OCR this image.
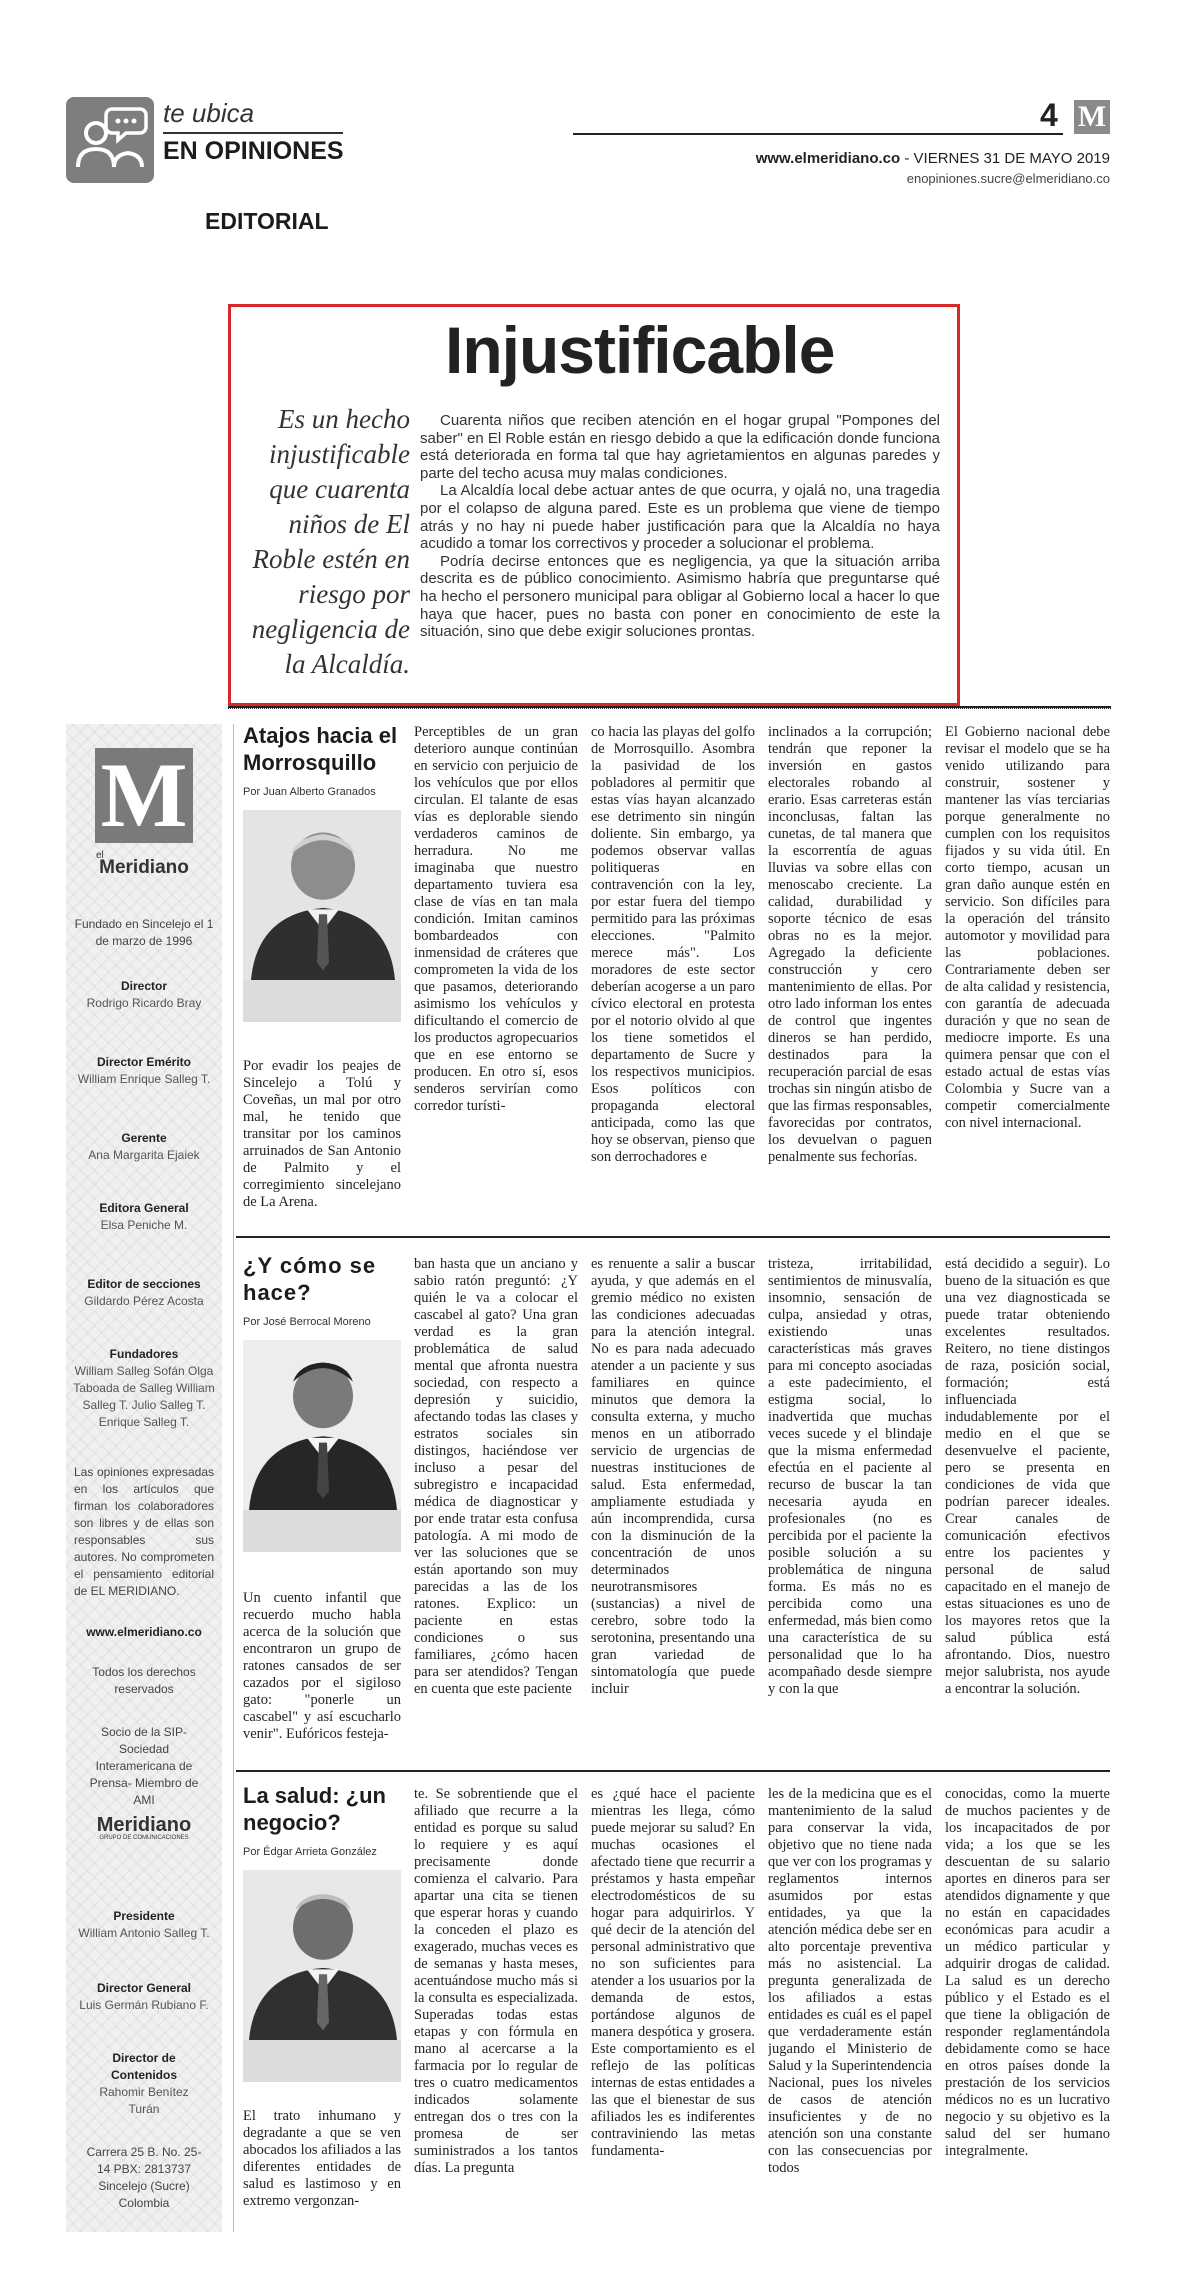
te ubica
EN OPINIONES
EDITORIAL
4 M
www.elmeridiano.co - VIERNES 31 DE MAYO 2019
enopiniones.sucre@elmeridiano.co
Injustificable
Es un hecho injustificable que cuarenta niños de El Roble estén en riesgo por negligencia de la Alcaldía.

Cuarenta niños que reciben atención en el hogar grupal "Pompones del saber" en El Roble están en riesgo debido a que la edificación donde funciona está deteriorada en forma tal que hay agrietamientos en algunas paredes y parte del techo acusa muy malas condiciones.

La Alcaldía local debe actuar antes de que ocurra, y ojalá no, una tragedia por el colapso de alguna pared. Este es un problema que viene de tiempo atrás y no hay ni puede haber justificación para que la Alcaldía no haya acudido a tomar los correctivos y proceder a solucionar el problema.

Podría decirse entonces que es negligencia, ya que la situación arriba descrita es de público conocimiento. Asimismo habría que preguntarse qué ha hecho el personero municipal para obligar al Gobierno local a hacer lo que haya que hacer, pues no basta con poner en conocimiento de este la situación, sino que debe exigir soluciones prontas.

M
el
Meridiano
Fundado en Sincelejo el 1 de marzo de 1996
Director
Rodrigo Ricardo Bray
Director Emérito
William Enrique Salleg T.
Gerente
Ana Margarita Ejaiek
Editora General
Elsa Peniche M.
Editor de secciones
Gildardo Pérez Acosta
Fundadores
William Salleg Sofán Olga Taboada de Salleg William Salleg T. Julio Salleg T. Enrique Salleg T.
Las opiniones expresadas en los artículos que firman los colaboradores son libres y de ellas son responsables sus autores. No comprometen el pensamiento editorial de EL MERIDIANO.
www.elmeridiano.co
Todos los derechos reservados
Socio de la SIP- Sociedad Interamericana de Prensa- Miembro de AMI
Meridiano
GRUPO DE COMUNICACIONES
Presidente
William Antonio Salleg T.
Director General
Luis Germán Rubiano F.
Director de Contenidos
Rahomir Benítez Turán
Carrera 25 B. No. 25-14 PBX: 2813737 Sincelejo (Sucre) Colombia
Atajos hacia el Morrosquillo
Por Juan Alberto Granados
Por evadir los peajes de Sincelejo a Tolú y Coveñas, un mal por otro mal, he tenido que transitar por los caminos arruinados de San Antonio de Palmito y el corregimiento sincelejano de La Arena.
Perceptibles de un gran deterioro aunque continúan en servicio con perjuicio de los vehículos que por ellos circulan. El talante de esas vías es deplorable siendo verdaderos caminos de herradura. No me imaginaba que nuestro departamento tuviera esa clase de vías en tan mala condición. Imitan caminos bombardeados con inmensidad de cráteres que comprometen la vida de los que pasamos, deteriorando asimismo los vehículos y dificultando el comercio de los productos agropecuarios que en ese entorno se producen. En otro sí, esos senderos servirían como corredor turísti-
co hacia las playas del golfo de Morrosquillo. Asombra la pasividad de los pobladores al permitir que estas vías hayan alcanzado ese detrimento sin ningún doliente. Sin embargo, ya podemos observar vallas politiqueras en contravención con la ley, por estar fuera del tiempo permitido para las próximas elecciones. "Palmito merece más". Los moradores de este sector deberían acogerse a un paro cívico electoral en protesta por el notorio olvido al que los tiene sometidos el departamento de Sucre y los respectivos municipios. Esos políticos con propaganda electoral anticipada, como las que hoy se observan, pienso que son derrochadores e
inclinados a la corrupción; tendrán que reponer la inversión en gastos electorales robando al erario. Esas carreteras están inconclusas, faltan las cunetas, de tal manera que la escorrentía de aguas lluvias va sobre ellas con menoscabo creciente. La calidad, durabilidad y soporte técnico de esas obras no es la mejor. Agregado la deficiente construcción y cero mantenimiento de ellas. Por otro lado informan los entes de control que ingentes dineros se han perdido, destinados para la recuperación parcial de esas trochas sin ningún atisbo de que las firmas responsables, favorecidas por contratos, los devuelvan o paguen penalmente sus fechorías.
El Gobierno nacional debe revisar el modelo que se ha venido utilizando para construir, sostener y mantener las vías terciarias porque generalmente no cumplen con los requisitos fijados y su vida útil. En corto tiempo, acusan un gran daño aunque estén en servicio. Son difíciles para la operación del tránsito automotor y movilidad para las poblaciones. Contrariamente deben ser de alta calidad y resistencia, con garantía de adecuada duración y que no sean de mediocre importe. Es una quimera pensar que con el estado actual de estas vías Colombia y Sucre van a competir comercialmente con nivel internacional.
¿Y cómo se hace?
Por José Berrocal Moreno
Un cuento infantil que recuerdo mucho habla acerca de la solución que encontraron un grupo de ratones cansados de ser cazados por el sigiloso gato: "ponerle un cascabel" y así escucharlo venir". Eufóricos festeja-
ban hasta que un anciano y sabio ratón preguntó: ¿Y quién le va a colocar el cascabel al gato? Una gran verdad es la gran problemática de salud mental que afronta nuestra sociedad, con respecto a depresión y suicidio, afectando todas las clases y estratos sociales sin distingos, haciéndose ver incluso a pesar del subregistro e incapacidad médica de diagnosticar y por ende tratar esta confusa patología. A mi modo de ver las soluciones que se están aportando son muy parecidas a las de los ratones. Explico: un paciente en estas condiciones o sus familiares, ¿cómo hacen para ser atendidos? Tengan en cuenta que este paciente
es renuente a salir a buscar ayuda, y que además en el gremio médico no existen las condiciones adecuadas para la atención integral. No es para nada adecuado atender a un paciente y sus familiares en quince minutos que demora la consulta externa, y mucho menos en un atiborrado servicio de urgencias de nuestras instituciones de salud. Esta enfermedad, ampliamente estudiada y aún incomprendida, cursa con la disminución de la concentración de unos determinados neurotransmisores (sustancias) a nivel de cerebro, sobre todo la serotonina, presentando una gran variedad de sintomatología que puede incluir
tristeza, irritabilidad, sentimientos de minusvalía, insomnio, sensación de culpa, ansiedad y otras, existiendo unas características más graves para mi concepto asociadas a este padecimiento, el estigma social, lo inadvertida que muchas veces sucede y el blindaje que la misma enfermedad efectúa en el paciente al recurso de buscar la tan necesaria ayuda en profesionales (no es percibida por el paciente la posible solución a su problemática de ninguna forma. Es más no es percibida como una enfermedad, más bien como una característica de su personalidad que lo ha acompañado desde siempre y con la que
está decidido a seguir). Lo bueno de la situación es que una vez diagnosticada se puede tratar obteniendo excelentes resultados. Reitero, no tiene distingos de raza, posición social, formación; está influenciada indudablemente por el medio en el que se desenvuelve el paciente, pero se presenta en condiciones de vida que podrían parecer ideales. Crear canales de comunicación efectivos entre los pacientes y personal de salud capacitado en el manejo de estas situaciones es uno de los mayores retos que la salud pública está afrontando. Dios, nuestro mejor salubrista, nos ayude a encontrar la solución.
La salud: ¿un negocio?
Por Édgar Arrieta González
El trato inhumano y degradante a que se ven abocados los afiliados a las diferentes entidades de salud es lastimoso y en extremo vergonzan-
te. Se sobrentiende que el afiliado que recurre a la entidad es porque su salud lo requiere y es aquí precisamente donde comienza el calvario. Para apartar una cita se tienen que esperar horas y cuando la conceden el plazo es exagerado, muchas veces es de semanas y hasta meses, acentuándose mucho más si la consulta es especializada. Superadas todas estas etapas y con fórmula en mano al acercarse a la farmacia por lo regular de tres o cuatro medicamentos indicados solamente entregan dos o tres con la promesa de ser suministrados a los tantos días. La pregunta
es ¿qué hace el paciente mientras les llega, cómo puede mejorar su salud? En muchas ocasiones el afectado tiene que recurrir a préstamos y hasta empeñar electrodomésticos de su hogar para adquirirlos. Y qué decir de la atención del personal administrativo que no son suficientes para atender a los usuarios por la demanda de estos, portándose algunos de manera despótica y grosera. Este comportamiento es el reflejo de las políticas internas de estas entidades a las que el bienestar de sus afiliados les es indiferentes contraviniendo las metas fundamenta-
les de la medicina que es el mantenimiento de la salud para conservar la vida, objetivo que no tiene nada que ver con los programas y reglamentos internos asumidos por estas entidades, ya que la atención médica debe ser en alto porcentaje preventiva más no asistencial. La pregunta generalizada de los afiliados a estas entidades es cuál es el papel que verdaderamente están jugando el Ministerio de Salud y la Superintendencia Nacional, pues los niveles de casos de atención insuficientes y de no atención son una constante con las consecuencias por todos
conocidas, como la muerte de muchos pacientes y de los incapacitados de por vida; a los que se les descuentan de su salario aportes en dineros para ser atendidos dignamente y que no están en capacidades económicas para acudir a un médico particular y adquirir drogas de calidad. La salud es un derecho público y el Estado es el que tiene la obligación de responder reglamentándola debidamente como se hace en otros países donde la prestación de los servicios médicos no es un lucrativo negocio y su objetivo es la salud del ser humano integralmente.
